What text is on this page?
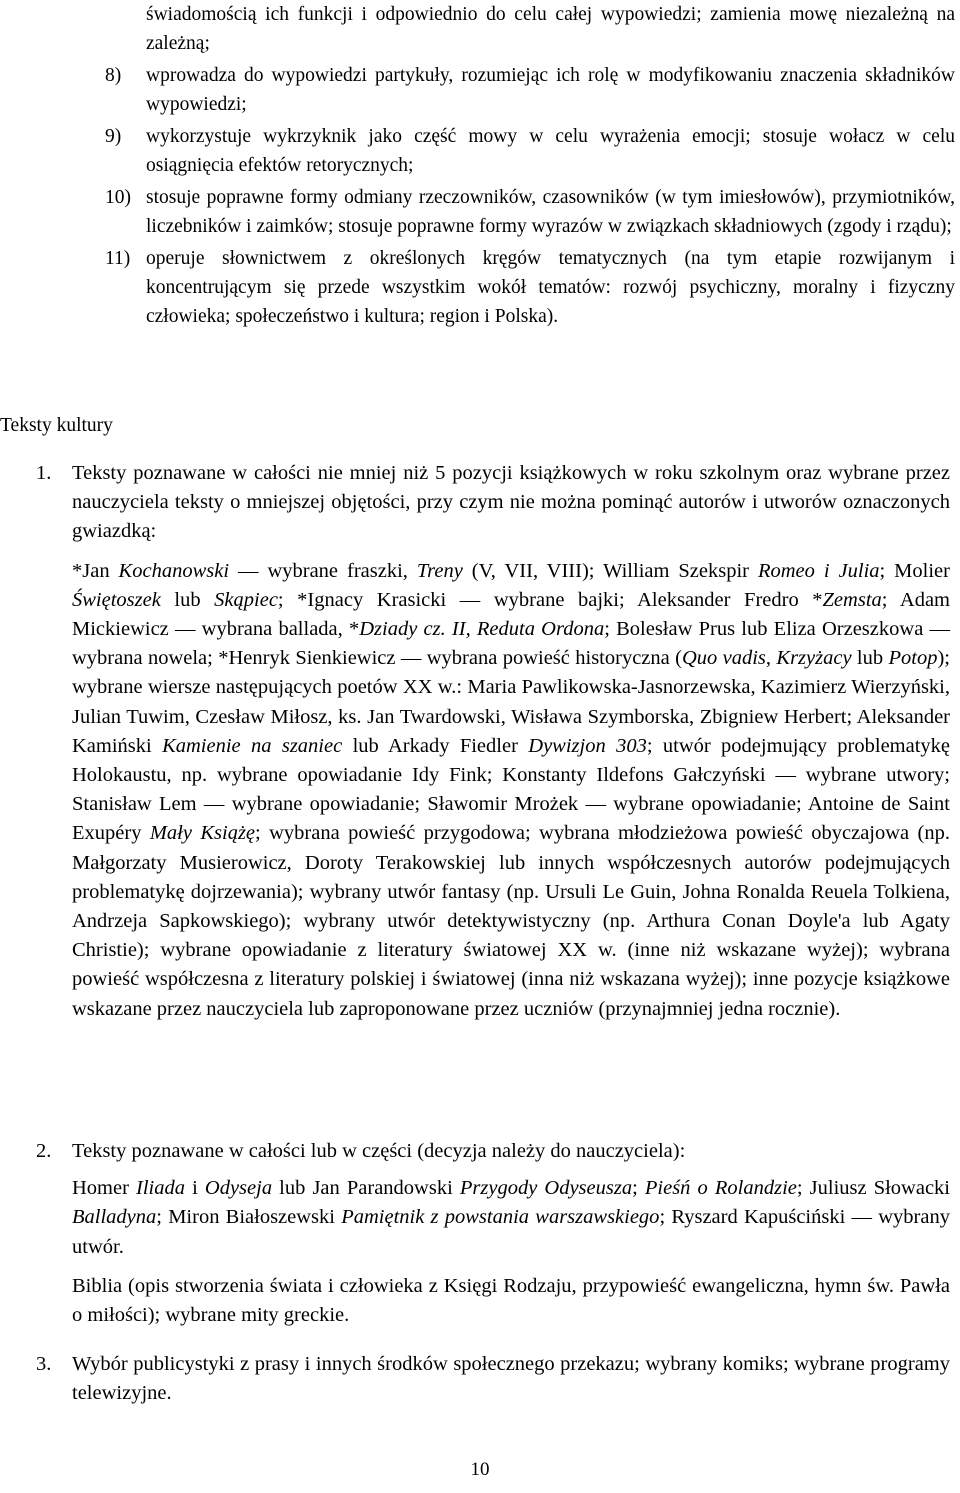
świadomością ich funkcji i odpowiednio do celu całej wypowiedzi; zamienia mowę niezależną na zależną;
8) wprowadza do wypowiedzi partykuły, rozumiejąc ich rolę w modyfikowaniu znaczenia składników wypowiedzi;
9) wykorzystuje wykrzyknik jako część mowy w celu wyrażenia emocji; stosuje wołacz w celu osiągnięcia efektów retorycznych;
10) stosuje poprawne formy odmiany rzeczowników, czasowników (w tym imiesłowów), przymiotników, liczebników i zaimków; stosuje poprawne formy wyrazów w związkach składniowych (zgody i rządu);
11) operuje słownictwem z określonych kręgów tematycznych (na tym etapie rozwijanym i koncentrującym się przede wszystkim wokół tematów: rozwój psychiczny, moralny i fizyczny człowieka; społeczeństwo i kultura; region i Polska).
Teksty kultury
1. Teksty poznawane w całości nie mniej niż 5 pozycji książkowych w roku szkolnym oraz wybrane przez nauczyciela teksty o mniejszej objętości, przy czym nie można pominąć autorów i utworów oznaczonych gwiazdką:

*Jan Kochanowski — wybrane fraszki, Treny (V, VII, VIII); William Szekspir Romeo i Julia; Molier Świętoszek lub Skąpiec; *Ignacy Krasicki — wybrane bajki; Aleksander Fredro *Zemsta; Adam Mickiewicz — wybrana ballada, *Dziady cz. II, Reduta Ordona; Bolesław Prus lub Eliza Orzeszkowa — wybrana nowela; *Henryk Sienkiewicz — wybrana powieść historyczna (Quo vadis, Krzyżacy lub Potop); wybrane wiersze następujących poetów XX w.: Maria Pawlikowska-Jasnorzewska, Kazimierz Wierzyński, Julian Tuwim, Czesław Miłosz, ks. Jan Twardowski, Wisława Szymborska, Zbigniew Herbert; Aleksander Kamiński Kamienie na szaniec lub Arkady Fiedler Dywizjon 303; utwór podejmujący problematykę Holokaustu, np. wybrane opowiadanie Idy Fink; Konstanty Ildefons Gałczyński — wybrane utwory; Stanisław Lem — wybrane opowiadanie; Sławomir Mrożek — wybrane opowiadanie; Antoine de Saint Exupéry Mały Książę; wybrana powieść przygodowa; wybrana młodzieżowa powieść obyczajowa (np. Małgorzaty Musierowicz, Doroty Terakowskiej lub innych współczesnych autorów podejmujących problematykę dojrzewania); wybrany utwór fantasy (np. Ursuli Le Guin, Johna Ronalda Reuela Tolkiena, Andrzeja Sapkowskiego); wybrany utwór detektywistyczny (np. Arthura Conan Doyle'a lub Agaty Christie); wybrane opowiadanie z literatury światowej XX w. (inne niż wskazane wyżej); wybrana powieść współczesna z literatury polskiej i światowej (inna niż wskazana wyżej); inne pozycje książkowe wskazane przez nauczyciela lub zaproponowane przez uczniów (przynajmniej jedna rocznie).

2. Teksty poznawane w całości lub w części (decyzja należy do nauczyciela):

Homer Iliada i Odyseja lub Jan Parandowski Przygody Odyseusza; Pieśń o Rolandzie; Juliusz Słowacki Balladyna; Miron Białoszewski Pamiętnik z powstania warszawskiego; Ryszard Kapuściński — wybrany utwór.

Biblia (opis stworzenia świata i człowieka z Księgi Rodzaju, przypowieść ewangeliczna, hymn św. Pawła o miłości); wybrane mity greckie.

3. Wybór publicystyki z prasy i innych środków społecznego przekazu; wybrany komiks; wybrane programy telewizyjne.
10
